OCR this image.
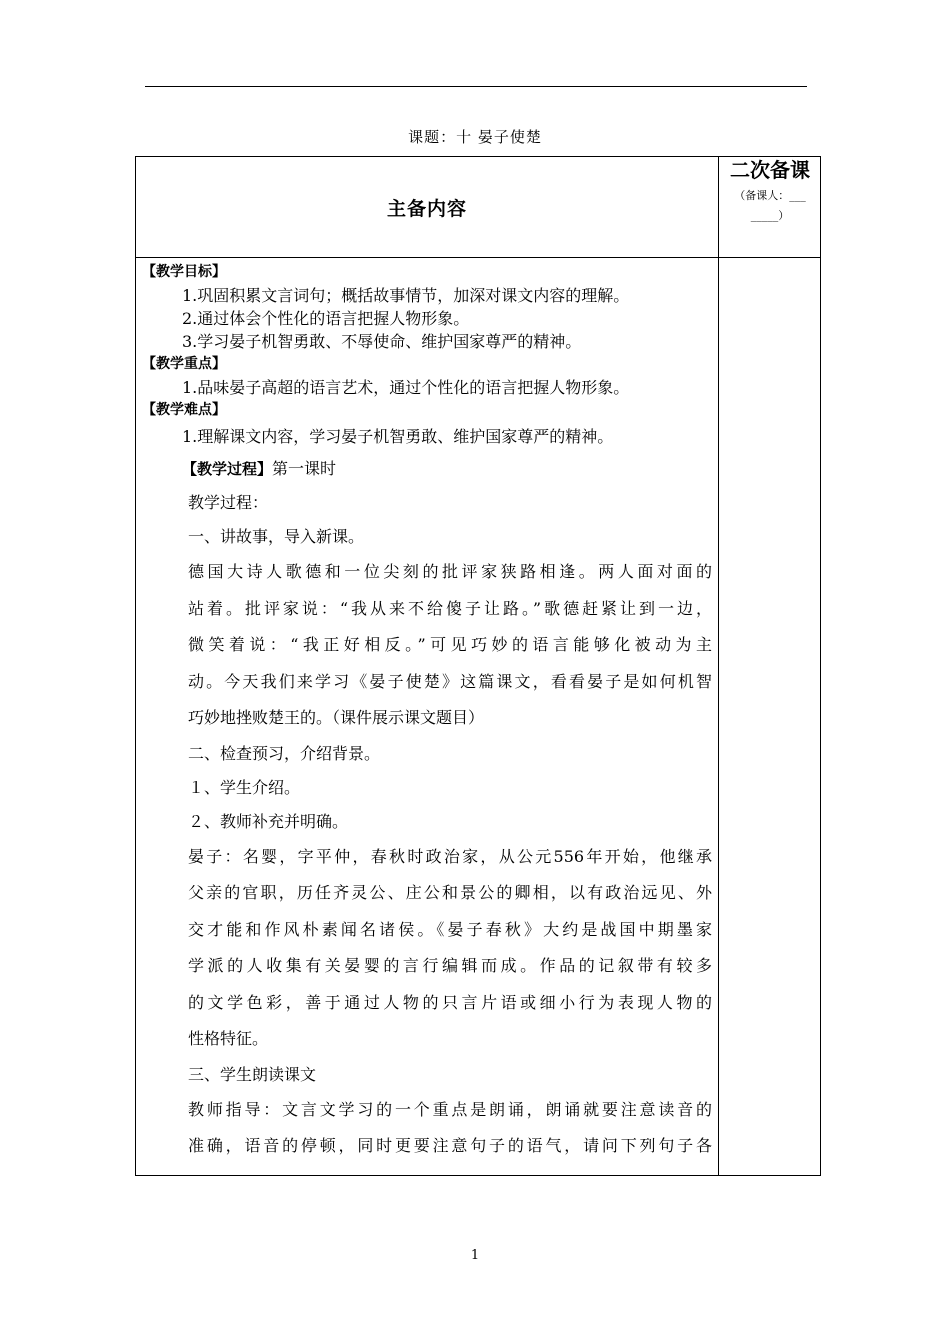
课题：十 晏子使楚
主备内容
二次备课
（备课人：___ _____）
【教学目标】
1.巩固积累文言词句；概括故事情节，加深对课文内容的理解。
2.通过体会个性化的语言把握人物形象。
3.学习晏子机智勇敢、不辱使命、维护国家尊严的精神。
【教学重点】
1.品味晏子高超的语言艺术，通过个性化的语言把握人物形象。
【教学难点】
1.理解课文内容，学习晏子机智勇敢、维护国家尊严的精神。
【教学过程】第一课时
教学过程：
一、讲故事，导入新课。
德国大诗人歌德和一位尖刻的批评家狭路相逢。两人面对面的
站着。批评家说：“我从来不给傻子让路。”歌德赶紧让到一边，
微笑着说：“我正好相反。”可见巧妙的语言能够化被动为主
动。今天我们来学习《晏子使楚》这篇课文，看看晏子是如何机智
巧妙地挫败楚王的。（课件展示课文题目）
二、检查预习，介绍背景。
１、学生介绍。
２、教师补充并明确。
晏子：名婴，字平仲，春秋时政治家，从公元556年开始，他继承
父亲的官职，历任齐灵公、庄公和景公的卿相，以有政治远见、外
交才能和作风朴素闻名诸侯。《晏子春秋》大约是战国中期墨家
学派的人收集有关晏婴的言行编辑而成。作品的记叙带有较多
的文学色彩，善于通过人物的只言片语或细小行为表现人物的
性格特征。
三、学生朗读课文
教师指导：文言文学习的一个重点是朗诵，朗诵就要注意读音的
准确，语音的停顿，同时更要注意句子的语气，请问下列句子各
1
